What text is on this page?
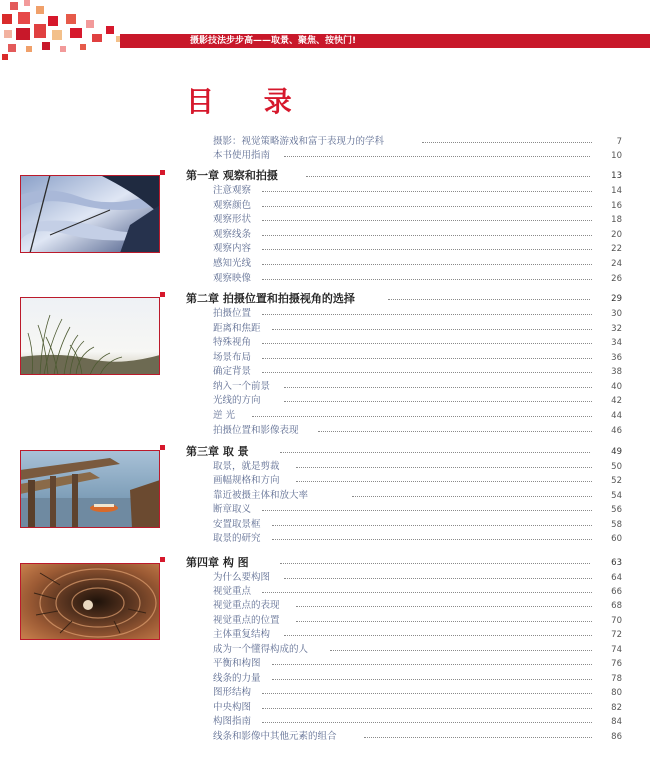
摄影技法步步高——取景、聚焦、按快门!
目 录
摄影：视觉策略游戏和富于表现力的学科	7
本书使用指南	10
第一章 观察和拍摄	13
注意观察	14
观察颜色	16
观察形状	18
观察线条	20
观察内容	22
感知光线	24
观察映像	26
第二章 拍摄位置和拍摄视角的选择	29
拍摄位置	30
距离和焦距	32
特殊视角	34
场景布局	36
确定背景	38
纳入一个前景	40
光线的方向	42
逆 光	44
拍摄位置和影像表现	46
第三章 取 景	49
取景，就是剪裁	50
画幅规格和方向	52
靠近被摄主体和放大率	54
断章取义	56
安置取景框	58
取景的研究	60
第四章 构 图	63
为什么要构图	64
视觉重点	66
视觉重点的表现	68
视觉重点的位置	70
主体重复结构	72
成为一个懂得构成的人	74
平衡和构图	76
线条的力量	78
图形结构	80
中央构图	82
构图指南	84
线条和影像中其他元素的组合	86
